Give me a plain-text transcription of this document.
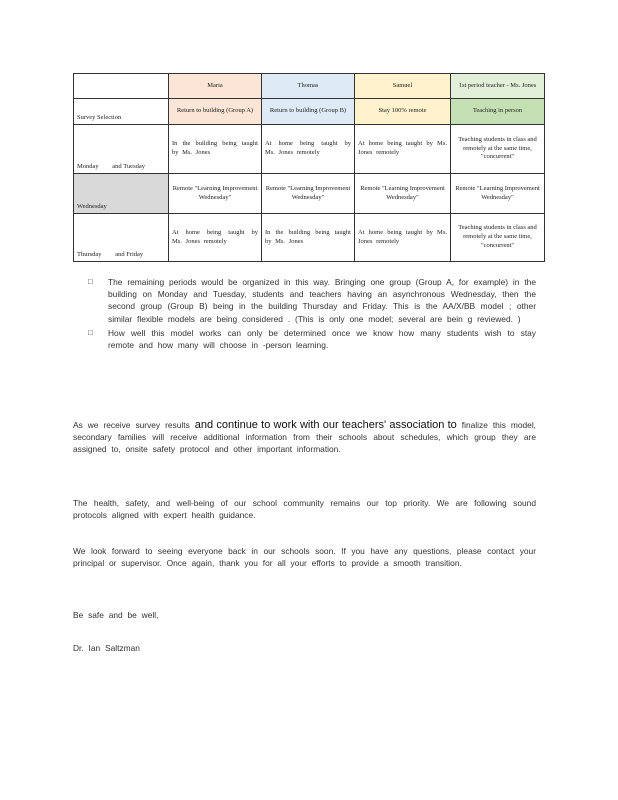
	Maria	Thomas	Samuel	1st period teacher - Ms. Jones
Survey Selection	Return to building (Group A)	Return to building (Group B)	Stay 100% remote	Teaching in person
Monday and Tuesday	In the building being taught by Ms. Jones	At home being taught by Ms. Jones remotely	At home being taught by Ms. Jones remotely	Teaching students in class and remotely at the same time, "concurrent"
Wednesday	Remote "Learning Improvement Wednesday"	Remote "Learning Improvement Wednesday"	Remote "Learning Improvement Wednesday"	Remote "Learning Improvement Wednesday"
Thursday and Friday	At home being taught by Ms. Jones remotely	In the building being taught by Ms. Jones	At home being taught by Ms. Jones remotely	Teaching students in class and remotely at the same time, "concurrent"
□ The remaining periods would be organized in this way. Bringing one group (Group A, for example) in the building on Monday and Tuesday, students and teachers having an asynchronous Wednesday, then the second group (Group B) being in the building Thursday and Friday. This is the AA/X/BB model ; other similar flexible models are being considered . (This is only one model; several are bein g reviewed. )
□ How well this model works can only be determined once we know how many students wish to stay remote and how many will choose in -person learning.

As we receive survey results and continue to work with our teachers' association to finalize this model, secondary families will receive additional information from their schools about schedules, which group they are assigned to, onsite safety protocol and other important information.

The health, safety, and well-being of our school community remains our top priority. We are following sound protocols aligned with expert health guidance.

We look forward to seeing everyone back in our schools soon. If you have any questions, please contact your principal or supervisor. Once again, thank you for all your efforts to provide a smooth transition.

Be safe and be well,

Dr. Ian Saltzman
